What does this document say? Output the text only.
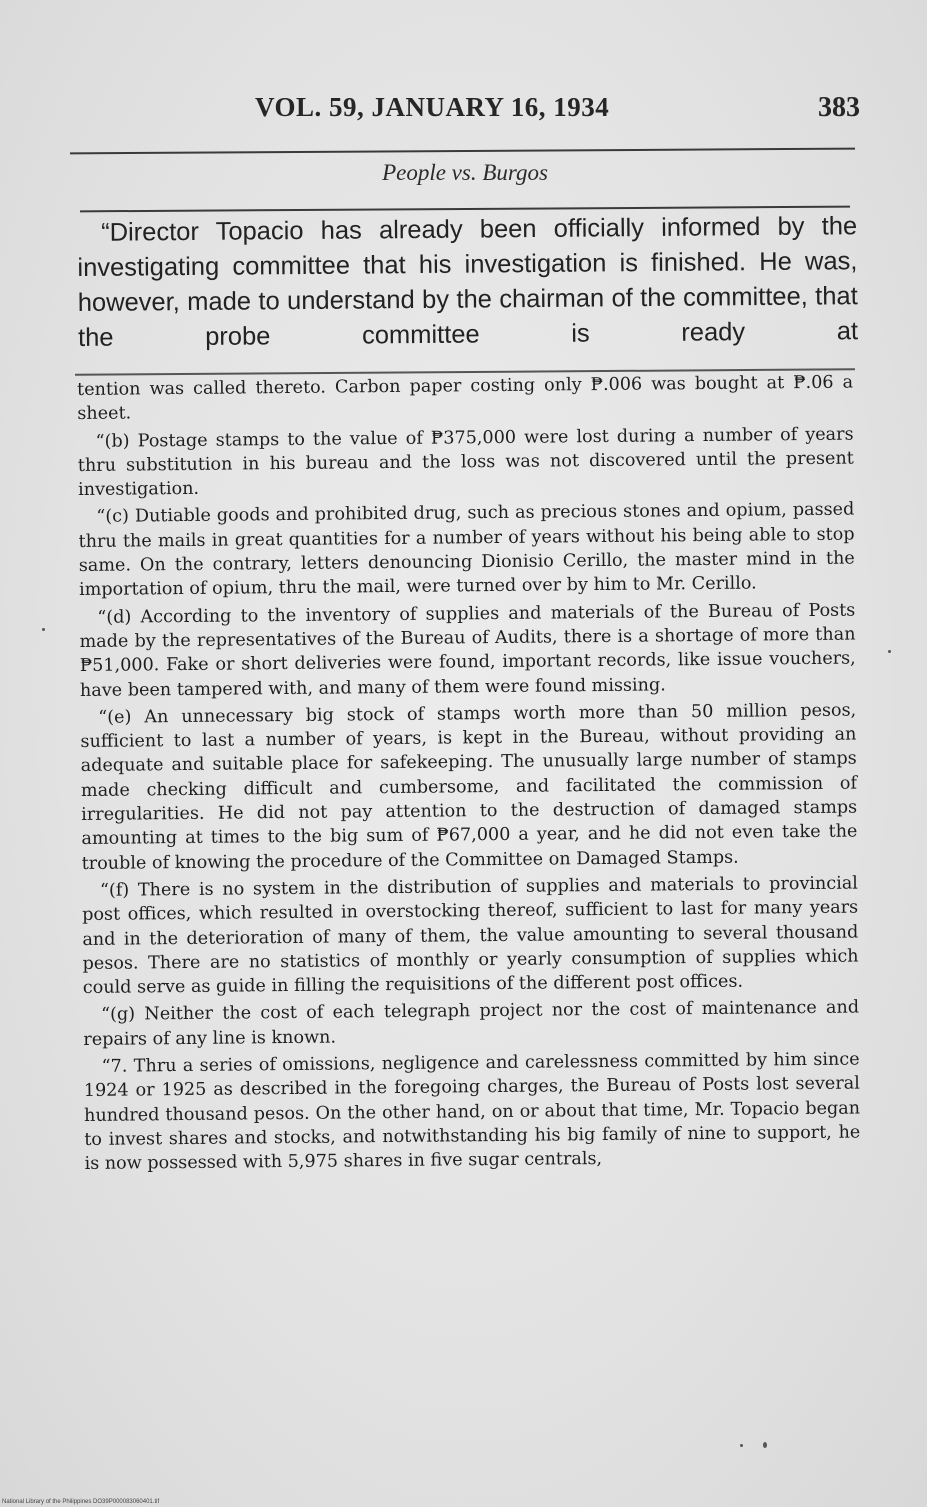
VOL. 59, JANUARY 16, 1934	383
People vs. Burgos

“Director Topacio has already been officially informed by the investigating committee that his investigation is finished. He was, however, made to understand by the chairman of the committee, that the probe committee is ready at

tention was called thereto. Carbon paper costing only ₱.006 was bought at ₱.06 a sheet.

“(b) Postage stamps to the value of ₱375,000 were lost during a number of years thru substitution in his bureau and the loss was not discovered until the present investigation.

“(c) Dutiable goods and prohibited drug, such as precious stones and opium, passed thru the mails in great quantities for a number of years without his being able to stop same. On the contrary, letters denouncing Dionisio Cerillo, the master mind in the importation of opium, thru the mail, were turned over by him to Mr. Cerillo.

“(d) According to the inventory of supplies and materials of the Bureau of Posts made by the representatives of the Bureau of Audits, there is a shortage of more than ₱51,000. Fake or short deliveries were found, important records, like issue vouchers, have been tampered with, and many of them were found missing.

“(e) An unnecessary big stock of stamps worth more than 50 million pesos, sufficient to last a number of years, is kept in the Bureau, without providing an adequate and suitable place for safekeeping. The unusually large number of stamps made checking difficult and cumbersome, and facilitated the commission of irregularities. He did not pay attention to the destruction of damaged stamps amounting at times to the big sum of ₱67,000 a year, and he did not even take the trouble of knowing the procedure of the Committee on Damaged Stamps.

“(f) There is no system in the distribution of supplies and materials to provincial post offices, which resulted in overstocking thereof, sufficient to last for many years and in the deterioration of many of them, the value amounting to several thousand pesos. There are no statistics of monthly or yearly consumption of supplies which could serve as guide in filling the requisitions of the different post offices.

“(g) Neither the cost of each telegraph project nor the cost of maintenance and repairs of any line is known.

“7. Thru a series of omissions, negligence and carelessness committed by him since 1924 or 1925 as described in the foregoing charges, the Bureau of Posts lost several hundred thousand pesos. On the other hand, on or about that time, Mr. Topacio began to invest shares and stocks, and notwithstanding his big family of nine to support, he is now possessed with 5,975 shares in five sugar centrals,

National Library of the Philippines DO39P000083060401.tif
